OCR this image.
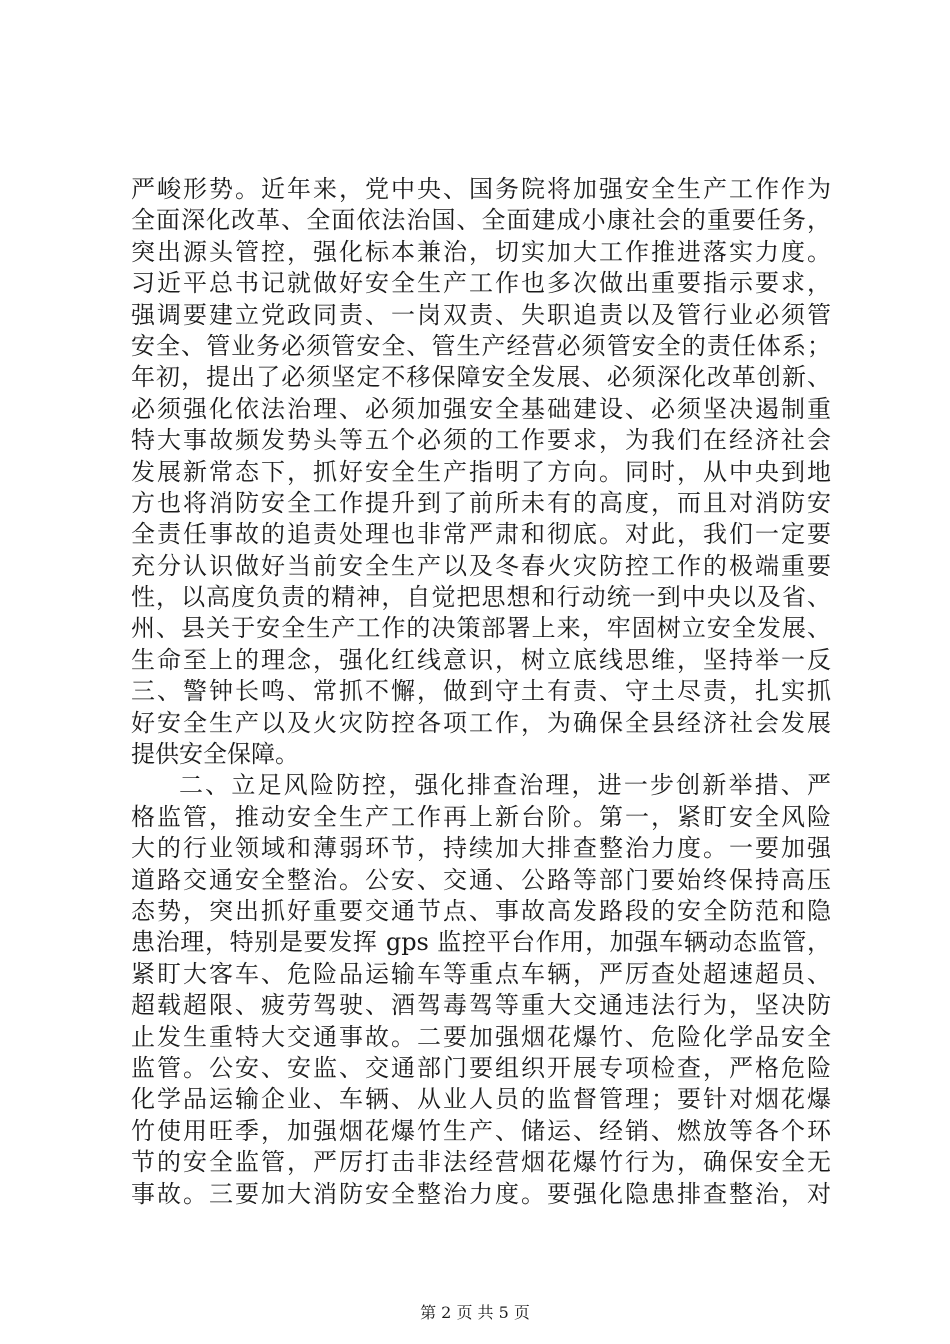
严峻形势。近年来，党中央、国务院将加强安全生产工作作为
全面深化改革、全面依法治国、全面建成小康社会的重要任务，
突出源头管控，强化标本兼治，切实加大工作推进落实力度。
习近平总书记就做好安全生产工作也多次做出重要指示要求，
强调要建立党政同责、一岗双责、失职追责以及管行业必须管
安全、管业务必须管安全、管生产经营必须管安全的责任体系；
年初，提出了必须坚定不移保障安全发展、必须深化改革创新、
必须强化依法治理、必须加强安全基础建设、必须坚决遏制重
特大事故频发势头等五个必须的工作要求，为我们在经济社会
发展新常态下，抓好安全生产指明了方向。同时，从中央到地
方也将消防安全工作提升到了前所未有的高度，而且对消防安
全责任事故的追责处理也非常严肃和彻底。对此，我们一定要
充分认识做好当前安全生产以及冬春火灾防控工作的极端重要
性，以高度负责的精神，自觉把思想和行动统一到中央以及省、
州、县关于安全生产工作的决策部署上来，牢固树立安全发展、
生命至上的理念，强化红线意识，树立底线思维，坚持举一反
三、警钟长鸣、常抓不懈，做到守土有责、守土尽责，扎实抓
好安全生产以及火灾防控各项工作，为确保全县经济社会发展
提供安全保障。
二、立足风险防控，强化排查治理，进一步创新举措、严
格监管，推动安全生产工作再上新台阶。第一，紧盯安全风险
大的行业领域和薄弱环节，持续加大排查整治力度。一要加强
道路交通安全整治。公安、交通、公路等部门要始终保持高压
态势，突出抓好重要交通节点、事故高发路段的安全防范和隐
患治理，特别是要发挥 gps 监控平台作用，加强车辆动态监管，
紧盯大客车、危险品运输车等重点车辆，严厉查处超速超员、
超载超限、疲劳驾驶、酒驾毒驾等重大交通违法行为，坚决防
止发生重特大交通事故。二要加强烟花爆竹、危险化学品安全
监管。公安、安监、交通部门要组织开展专项检查，严格危险
化学品运输企业、车辆、从业人员的监督管理；要针对烟花爆
竹使用旺季，加强烟花爆竹生产、储运、经销、燃放等各个环
节的安全监管，严厉打击非法经营烟花爆竹行为，确保安全无
事故。三要加大消防安全整治力度。要强化隐患排查整治，对
第 2 页 共 5 页
